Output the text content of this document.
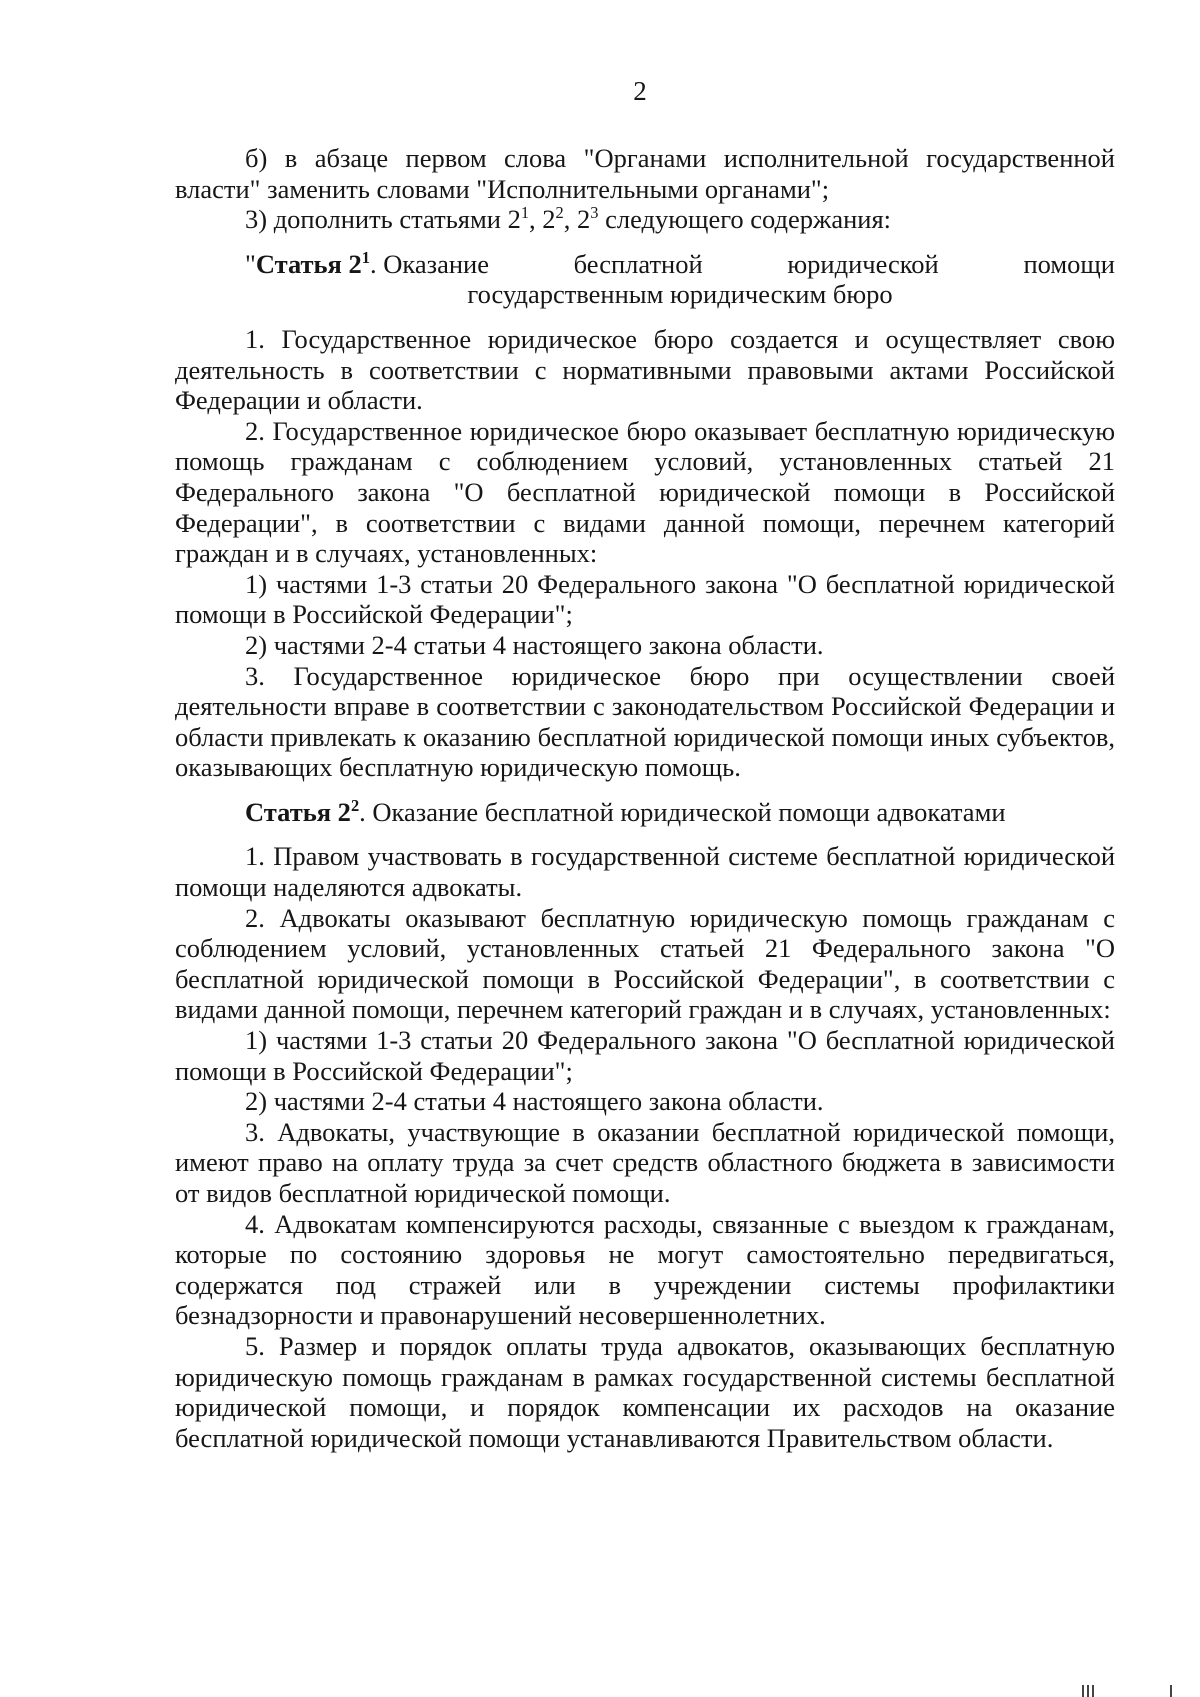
2

б) в абзаце первом слова "Органами исполнительной государственной власти" заменить словами "Исполнительными органами";

3) дополнить статьями $2^1$, $2^2$, $2^3$ следующего содержания:

"Статья $2^1$. Оказание	бесплатной	юридической	помощи
государственным юридическим бюро

1. Государственное юридическое бюро создается и осуществляет свою деятельность в соответствии с нормативными правовыми актами Российской Федерации и области.

2. Государственное юридическое бюро оказывает бесплатную юридическую помощь гражданам с соблюдением условий, установленных статьей 21 Федерального закона "О бесплатной юридической помощи в Российской Федерации", в соответствии с видами данной помощи, перечнем категорий граждан и в случаях, установленных:

1) частями 1-3 статьи 20 Федерального закона "О бесплатной юридической помощи в Российской Федерации";

2) частями 2-4 статьи 4 настоящего закона области.

3. Государственное юридическое бюро при осуществлении своей деятельности вправе в соответствии с законодательством Российской Федерации и области привлекать к оказанию бесплатной юридической помощи иных субъектов, оказывающих бесплатную юридическую помощь.

Статья $2^2$. Оказание бесплатной юридической помощи адвокатами

1. Правом участвовать в государственной системе бесплатной юридической помощи наделяются адвокаты.

2. Адвокаты оказывают бесплатную юридическую помощь гражданам с соблюдением условий, установленных статьей 21 Федерального закона "О бесплатной юридической помощи в Российской Федерации", в соответствии с видами данной помощи, перечнем категорий граждан и в случаях, установленных:

1) частями 1-3 статьи 20 Федерального закона "О бесплатной юридической помощи в Российской Федерации";

2) частями 2-4 статьи 4 настоящего закона области.

3. Адвокаты, участвующие в оказании бесплатной юридической помощи, имеют право на оплату труда за счет средств областного бюджета в зависимости от видов бесплатной юридической помощи.

4. Адвокатам компенсируются расходы, связанные с выездом к гражданам, которые по состоянию здоровья не могут самостоятельно передвигаться, содержатся под стражей или в учреждении системы профилактики безнадзорности и правонарушений несовершеннолетних.

5. Размер и порядок оплаты труда адвокатов, оказывающих бесплатную юридическую помощь гражданам в рамках государственной системы бесплатной юридической помощи, и порядок компенсации их расходов на оказание бесплатной юридической помощи устанавливаются Правительством области.
